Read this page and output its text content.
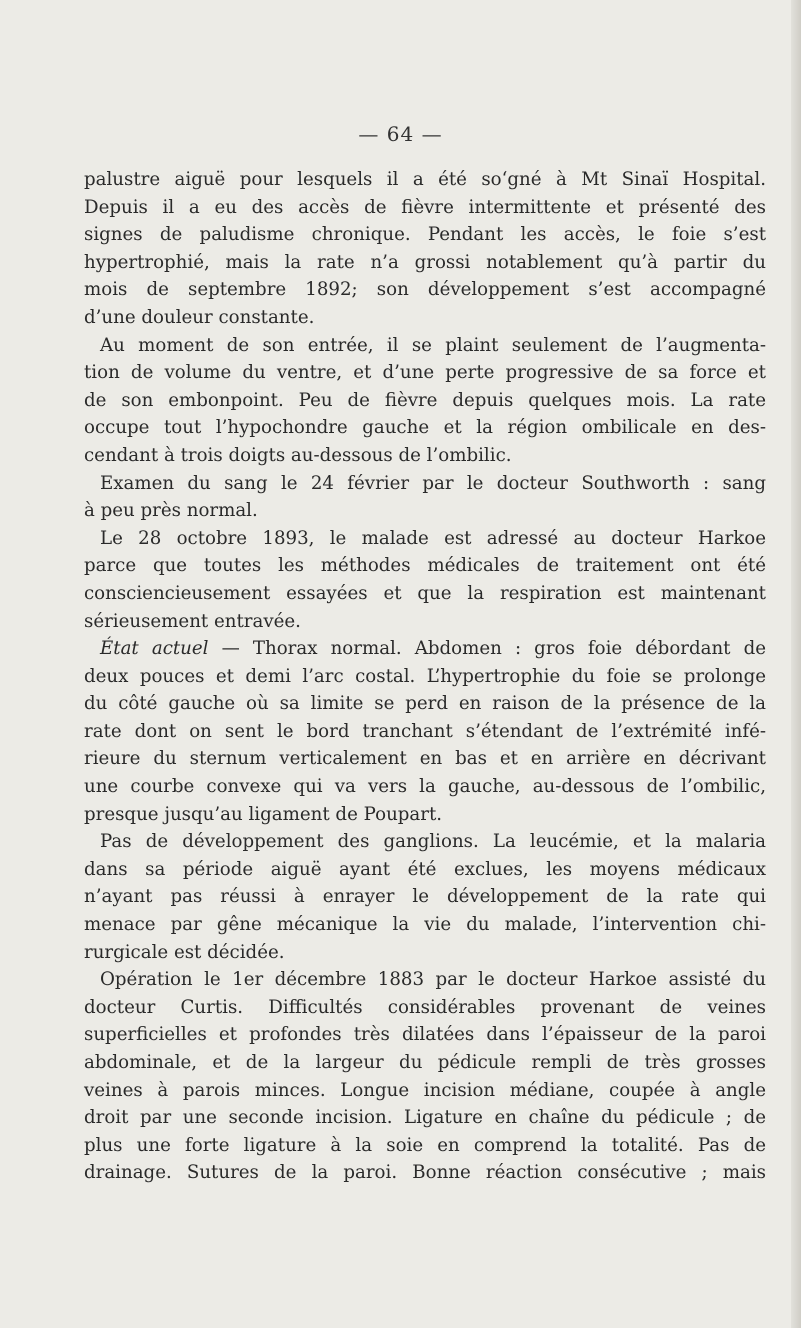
— 64 —
palustre aiguë pour lesquels il a été so‘gné à Mt Sinaï Hospital.
Depuis il a eu des accès de fièvre intermittente et présenté des
signes de paludisme chronique. Pendant les accès, le foie s’est
hypertrophié, mais la rate n’a grossi notablement qu’à partir du
mois de septembre 1892; son développement s’est accompagné
d’une douleur constante.
Au moment de son entrée, il se plaint seulement de l’augmenta-
tion de volume du ventre, et d’une perte progressive de sa force et
de son embonpoint. Peu de fièvre depuis quelques mois. La rate
occupe tout l’hypochondre gauche et la région ombilicale en des-
cendant à trois doigts au-dessous de l’ombilic.
Examen du sang le 24 février par le docteur Southworth : sang
à peu près normal.
Le 28 octobre 1893, le malade est adressé au docteur Harkoe
parce que toutes les méthodes médicales de traitement ont été
consciencieusement essayées et que la respiration est maintenant
sérieusement entravée.
État actuel — Thorax normal. Abdomen : gros foie débordant de
deux pouces et demi l’arc costal. L’hypertrophie du foie se prolonge
du côté gauche où sa limite se perd en raison de la présence de la
rate dont on sent le bord tranchant s’étendant de l’extrémité infé-
rieure du sternum verticalement en bas et en arrière en décrivant
une courbe convexe qui va vers la gauche, au-dessous de l’ombilic,
presque jusqu’au ligament de Poupart.
Pas de développement des ganglions. La leucémie, et la malaria
dans sa période aiguë ayant été exclues, les moyens médicaux
n’ayant pas réussi à enrayer le développement de la rate qui
menace par gêne mécanique la vie du malade, l’intervention chi-
rurgicale est décidée.
Opération le 1er décembre 1883 par le docteur Harkoe assisté du
docteur Curtis. Difficultés considérables provenant de veines
superficielles et profondes très dilatées dans l’épaisseur de la paroi
abdominale, et de la largeur du pédicule rempli de très grosses
veines à parois minces. Longue incision médiane, coupée à angle
droit par une seconde incision. Ligature en chaîne du pédicule ; de
plus une forte ligature à la soie en comprend la totalité. Pas de
drainage. Sutures de la paroi. Bonne réaction consécutive ; mais
